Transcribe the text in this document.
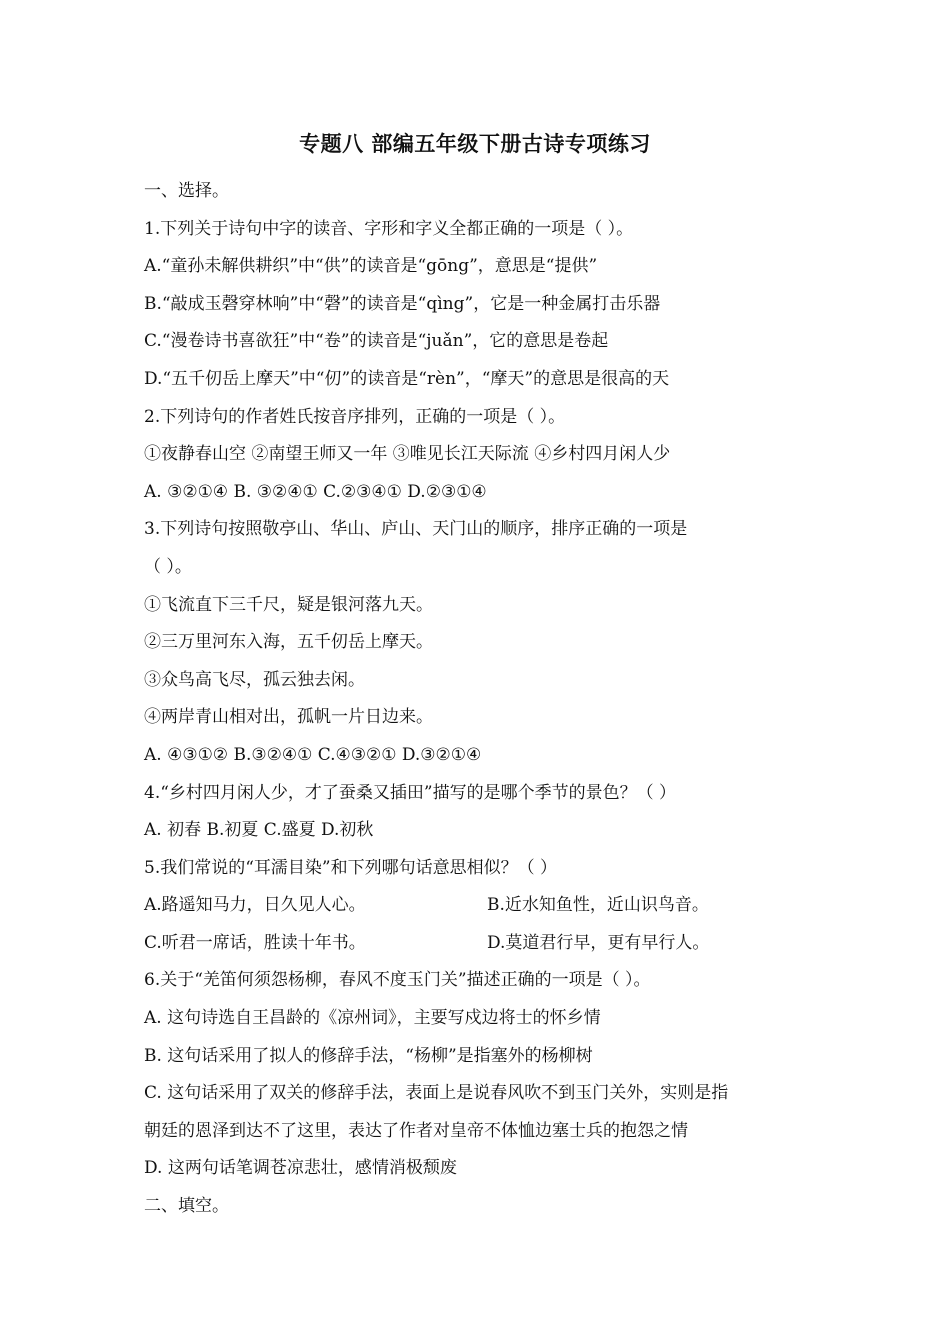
专题八 部编五年级下册古诗专项练习
一、选择。
1.下列关于诗句中字的读音、字形和字义全都正确的一项是（ ）。
A.“童孙未解供耕织”中“供”的读音是“gōng”，意思是“提供”
B.“敲成玉磬穿林响”中“磬”的读音是“qìng”，它是一种金属打击乐器
C.“漫卷诗书喜欲狂”中“卷”的读音是“juǎn”，它的意思是卷起
D.“五千仞岳上摩天”中“仞”的读音是“rèn”，“摩天”的意思是很高的天
2.下列诗句的作者姓氏按音序排列，正确的一项是（ ）。
①夜静春山空 ②南望王师又一年 ③唯见长江天际流 ④乡村四月闲人少
A. ③②①④ B. ③②④① C.②③④① D.②③①④
3.下列诗句按照敬亭山、华山、庐山、天门山的顺序，排序正确的一项是
（ ）。
①飞流直下三千尺，疑是银河落九天。
②三万里河东入海，五千仞岳上摩天。
③众鸟高飞尽，孤云独去闲。
④两岸青山相对出，孤帆一片日边来。
A. ④③①② B.③②④① C.④③②① D.③②①④
4.“乡村四月闲人少，才了蚕桑又插田”描写的是哪个季节的景色？（ ）
A. 初春 B.初夏 C.盛夏 D.初秋
5.我们常说的“耳濡目染”和下列哪句话意思相似？（ ）
A.路遥知马力，日久见人心。	B.近水知鱼性，近山识鸟音。
C.听君一席话，胜读十年书。	D.莫道君行早，更有早行人。
6.关于“羌笛何须怨杨柳，春风不度玉门关”描述正确的一项是（ ）。
A. 这句诗选自王昌龄的《凉州词》，主要写戍边将士的怀乡情
B. 这句话采用了拟人的修辞手法，“杨柳”是指塞外的杨柳树
C. 这句话采用了双关的修辞手法，表面上是说春风吹不到玉门关外，实则是指
朝廷的恩泽到达不了这里，表达了作者对皇帝不体恤边塞士兵的抱怨之情
D. 这两句话笔调苍凉悲壮，感情消极颓废
二、填空。
